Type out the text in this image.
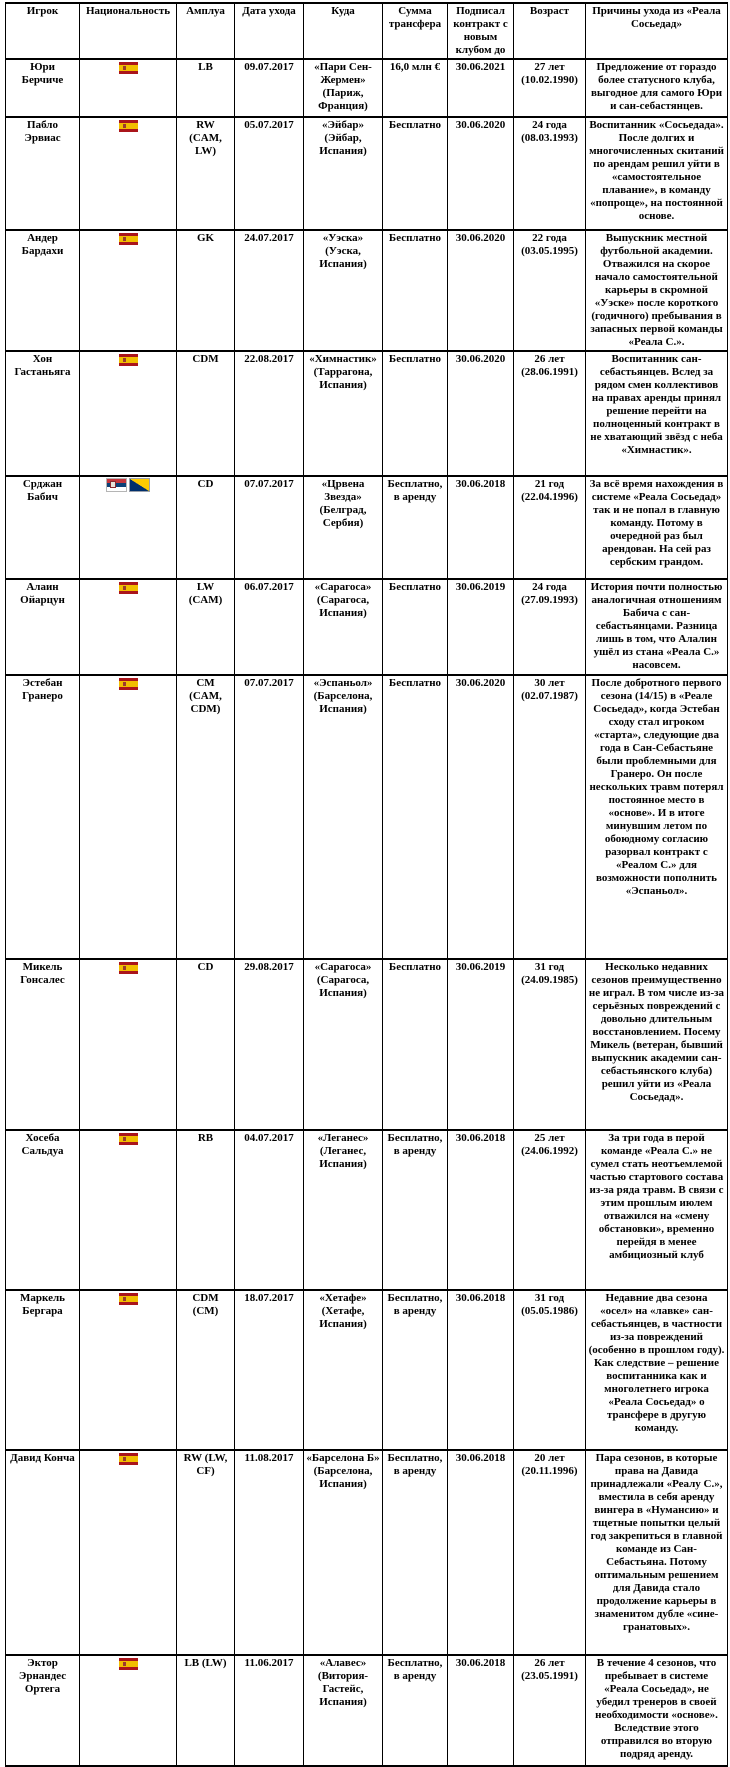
Игрок	Национальность	Амплуа	Дата ухода	Куда	Сумма трансфера	Подписал контракт с новым клубом до	Возраст	Причины ухода из «Реала Сосьедад»
Юри Берчиче		LB	09.07.2017	«Пари Сен-Жермен» (Париж, Франция)	16,0 млн €	30.06.2021	27 лет (10.02.1990)	Предложение от гораздо более статусного клуба, выгодное для самого Юри и сан-себастянцев.
Пабло Эрвиас		RW (CAM, LW)	05.07.2017	«Эйбар» (Эйбар, Испания)	Бесплатно	30.06.2020	24 года (08.03.1993)	Воспитанник «Сосьедада». После долгих и многочисленных скитаний по арендам решил уйти в «самостоятельное плавание», в команду «попроще», на постоянной основе.
Андер Бардахи		GK	24.07.2017	«Уэска» (Уэска, Испания)	Бесплатно	30.06.2020	22 года (03.05.1995)	Выпускник местной футбольной академии. Отважился на скорое начало самостоятельной карьеры в скромной «Уэске» после короткого (годичного) пребывания в запасных первой команды «Реала С.».
Хон Гастаньяга		CDM	22.08.2017	«Химнастик» (Таррагона, Испания)	Бесплатно	30.06.2020	26 лет (28.06.1991)	Воспитанник сан-себастьянцев. Вслед за рядом смен коллективов на правах аренды принял решение перейти на полноценный контракт в не хватающий звёзд с неба «Химнастик».
Срджан Бабич		CD	07.07.2017	«Црвена Звезда» (Белград, Сербия)	Бесплатно, в аренду	30.06.2018	21 год (22.04.1996)	За всё время нахождения в системе «Реала Сосьедад» так и не попал в главную команду. Потому в очередной раз был арендован. На сей раз сербским грандом.
Алаин Ойарцун		LW (CAM)	06.07.2017	«Сарагоса» (Сарагоса, Испания)	Бесплатно	30.06.2019	24 года (27.09.1993)	История почти полностью аналогичная отношениям Бабича с сан-себастьянцами. Разница лишь в том, что Алалин ушёл из стана «Реала С.» насовсем.
Эстебан Гранеро		CM (CAM, CDM)	07.07.2017	«Эспаньол» (Барселона, Испания)	Бесплатно	30.06.2020	30 лет (02.07.1987)	После добротного первого сезона (14/15) в «Реале Сосьедад», когда Эстебан сходу стал игроком «старта», следующие два года в Сан-Себастьяне были проблемными для Гранеро. Он после нескольких травм потерял постоянное место в «основе». И в итоге минувшим летом по обоюдному согласию разорвал контракт с «Реалом С.» для возможности пополнить «Эспаньол».
Микель Гонсалес		CD	29.08.2017	«Сарагоса» (Сарагоса, Испания)	Бесплатно	30.06.2019	31 год (24.09.1985)	Несколько недавних сезонов преимущественно не играл. В том числе из-за серьёзных повреждений с довольно длительным восстановлением. Посему Микель (ветеран, бывший выпускник академии сан-себастьянского клуба) решил уйти из «Реала Сосьедад».
Хосеба Сальдуа		RB	04.07.2017	«Леганес» (Леганес, Испания)	Бесплатно, в аренду	30.06.2018	25 лет (24.06.1992)	За три года в перой команде «Реала С.» не сумел стать неотъемлемой частью стартового состава из-за ряда травм. В связи с этим прошлым июлем отважился на «смену обстановки», временно перейдя в менее амбициозный клуб
Маркель Бергара		CDM (CM)	18.07.2017	«Хетафе» (Хетафе, Испания)	Бесплатно, в аренду	30.06.2018	31 год (05.05.1986)	Недавние два сезона «осел» на «лавке» сан-себастьянцев, в частности из-за повреждений (особенно в прошлом году). Как следствие – решение воспитанника как и многолетнего игрока «Реала Сосьедад» о трансфере в другую команду.
Давид Конча		RW (LW, CF)	11.08.2017	«Барселона Б» (Барселона, Испания)	Бесплатно, в аренду	30.06.2018	20 лет (20.11.1996)	Пара сезонов, в которые права на Давида принадлежали «Реалу С.», вместила в себя аренду вингера в «Нумансию» и тщетные попытки целый год закрепиться в главной команде из Сан-Себастьяна. Потому оптимальным решением для Давида стало продолжение карьеры в знаменитом дубле «сине-гранатовых».
Эктор Эрнандес Ортега		LB (LW)	11.06.2017	«Алавес» (Витория-Гастейс, Испания)	Бесплатно, в аренду	30.06.2018	26 лет (23.05.1991)	В течение 4 сезонов, что пребывает в системе «Реала Сосьедад», не убедил тренеров в своей необходимости «основе». Вследствие этого отправился во вторую подряд аренду.
